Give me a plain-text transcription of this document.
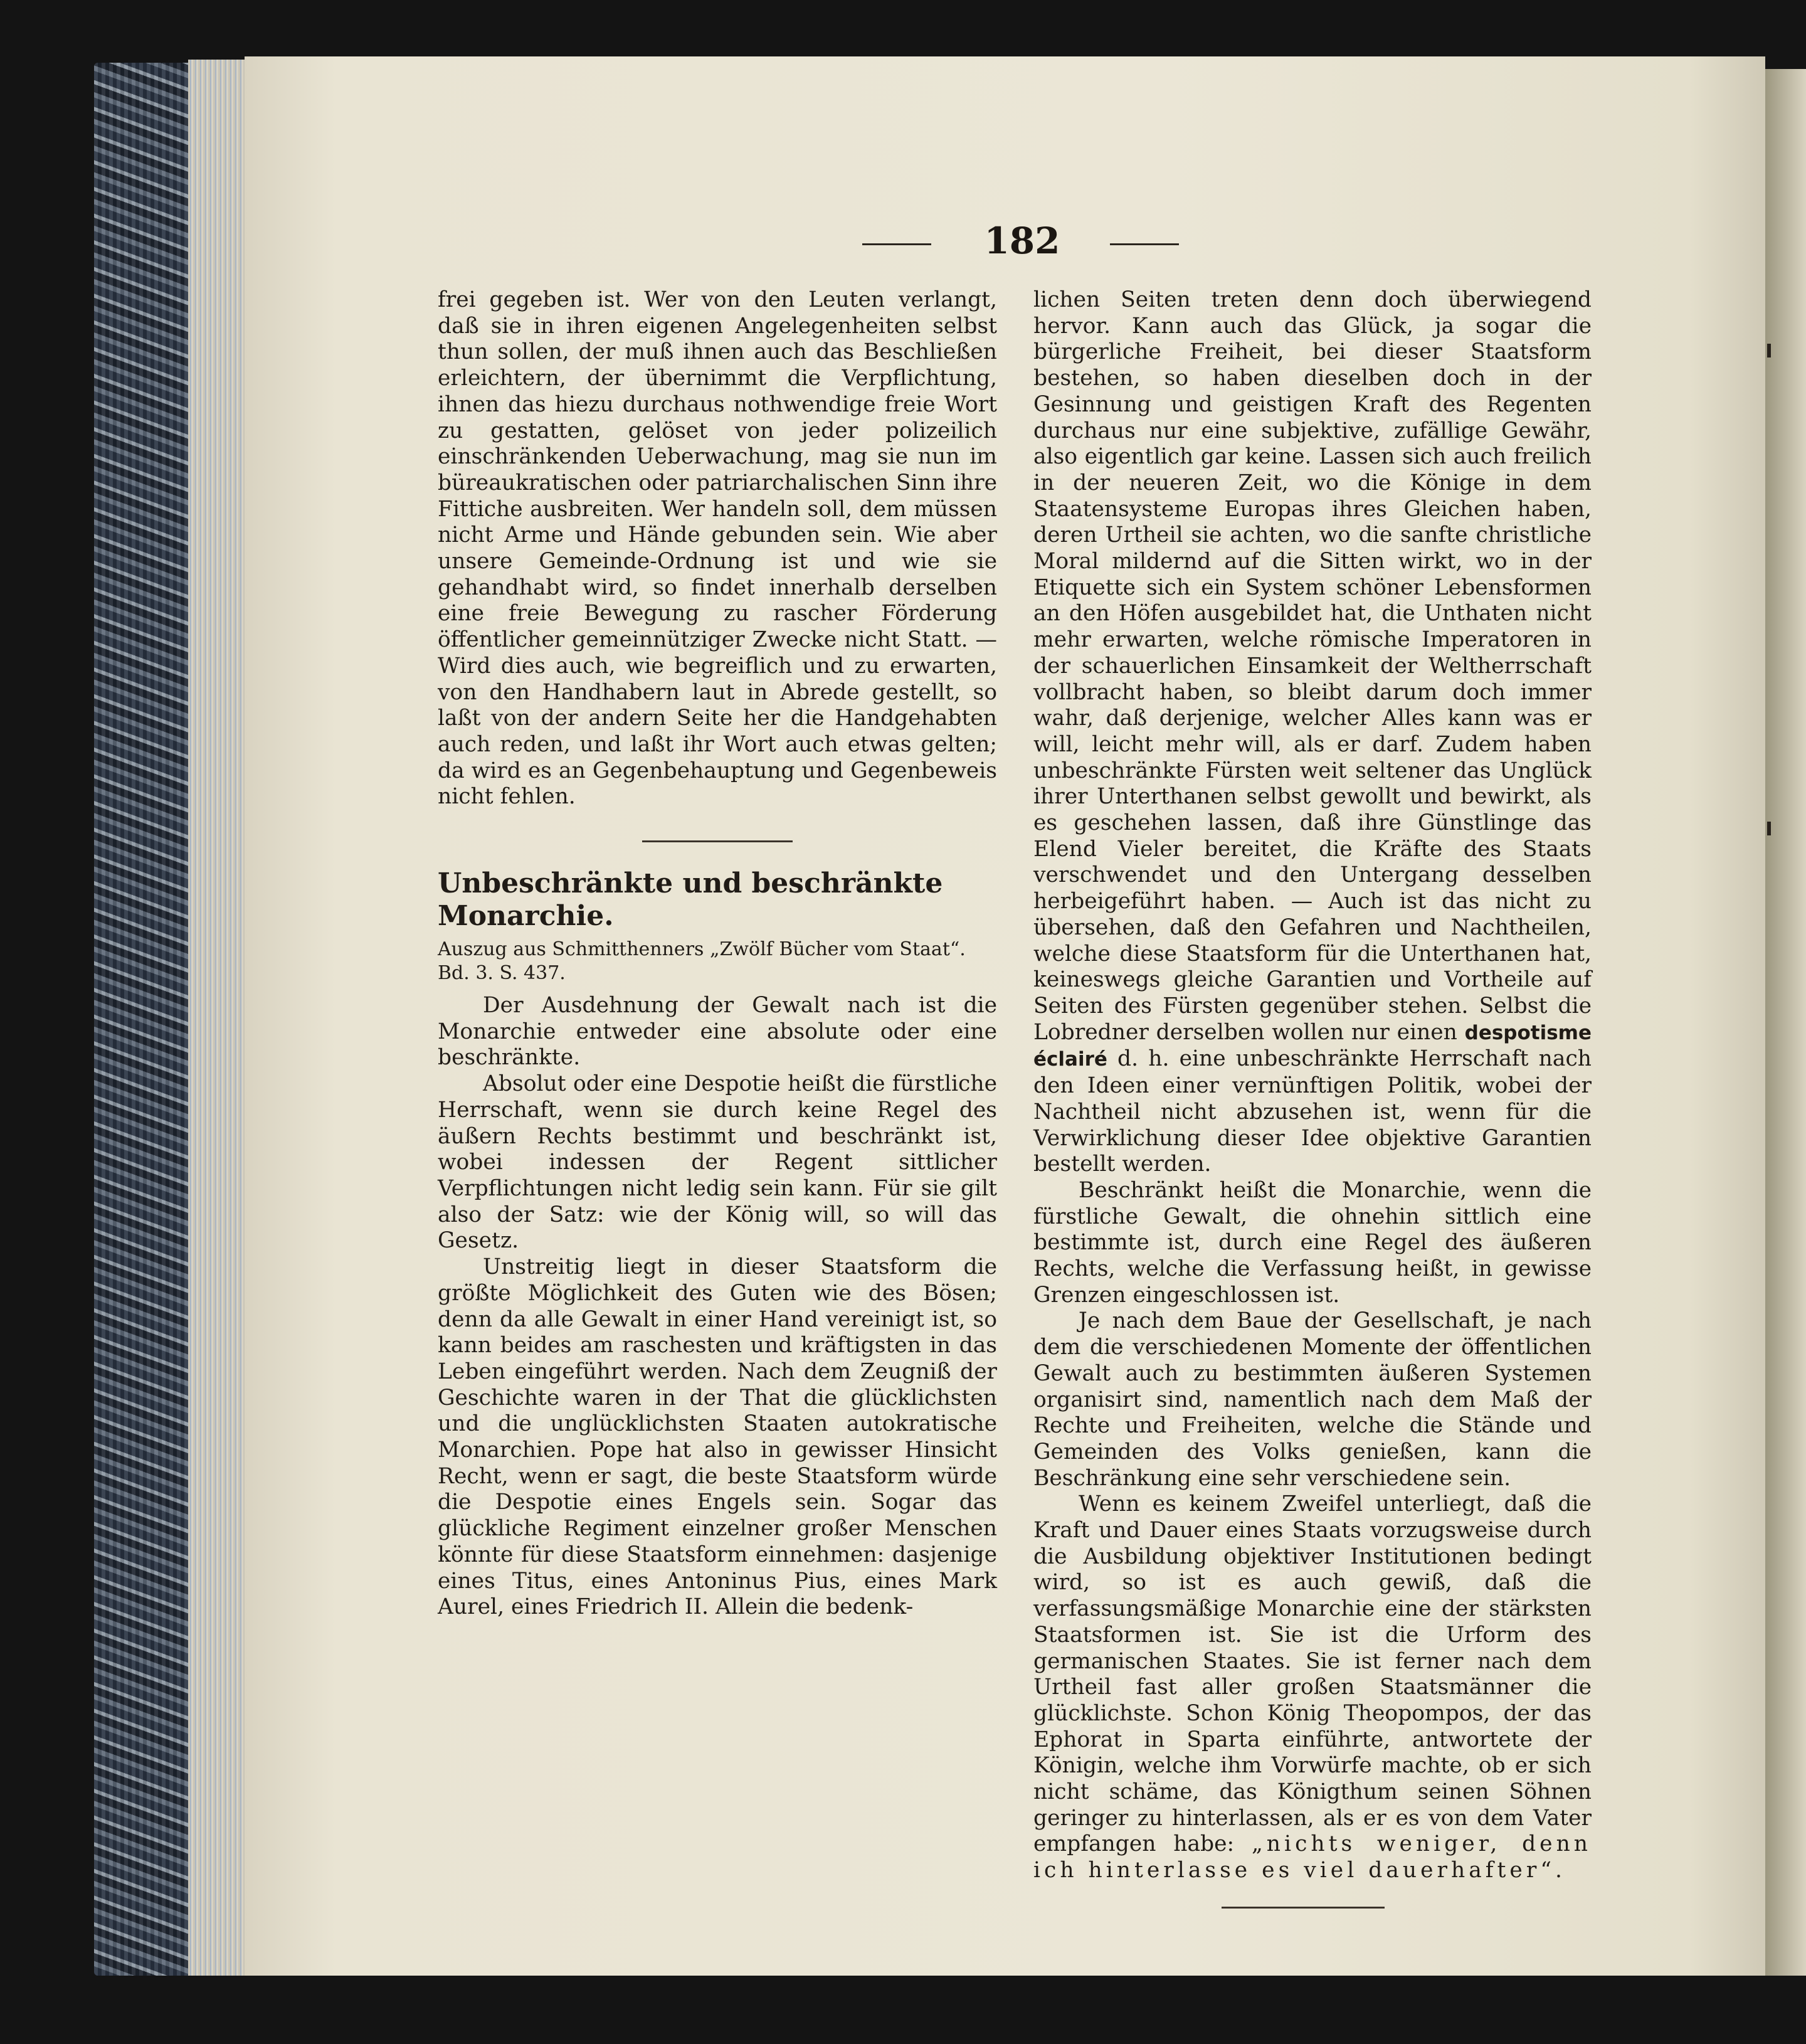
182

frei gegeben ist. Wer von den Leuten verlangt, daß sie in ihren eigenen Angelegenheiten selbst thun sollen, der muß ihnen auch das Beschließen erleichtern, der übernimmt die Verpflichtung, ihnen das hiezu durchaus nothwendige freie Wort zu gestatten, gelöset von jeder polizeilich einschränkenden Ueberwachung, mag sie nun im büreaukratischen oder patriarchalischen Sinn ihre Fittiche ausbreiten. Wer handeln soll, dem müssen nicht Arme und Hände gebunden sein. Wie aber unsere Gemeinde-Ordnung ist und wie sie gehandhabt wird, so findet innerhalb derselben eine freie Bewegung zu rascher Förderung öffentlicher gemeinnütziger Zwecke nicht Statt. — Wird dies auch, wie begreiflich und zu erwarten, von den Handhabern laut in Abrede gestellt, so laßt von der andern Seite her die Handgehabten auch reden, und laßt ihr Wort auch etwas gelten; da wird es an Gegenbehauptung und Gegenbeweis nicht fehlen.

Unbeschränkte und beschränkte

Monarchie.

Auszug aus Schmitthenners „Zwölf Bücher vom Staat“.

Bd. 3. S. 437.

Der Ausdehnung der Gewalt nach ist die Monarchie entweder eine absolute oder eine beschränkte.

Absolut oder eine Despotie heißt die fürstliche Herrschaft, wenn sie durch keine Regel des äußern Rechts bestimmt und beschränkt ist, wobei indessen der Regent sittlicher Verpflichtungen nicht ledig sein kann. Für sie gilt also der Satz: wie der König will, so will das Gesetz.

Unstreitig liegt in dieser Staatsform die größte Möglichkeit des Guten wie des Bösen; denn da alle Gewalt in einer Hand vereinigt ist, so kann beides am raschesten und kräftigsten in das Leben eingeführt werden. Nach dem Zeugniß der Geschichte waren in der That die glücklichsten und die unglücklichsten Staaten autokratische Monarchien. Pope hat also in gewisser Hinsicht Recht, wenn er sagt, die beste Staatsform würde die Despotie eines Engels sein. Sogar das glückliche Regiment einzelner großer Menschen könnte für diese Staatsform einnehmen: dasjenige eines Titus, eines Antoninus Pius, eines Mark Aurel, eines Friedrich II. Allein die bedenk-

lichen Seiten treten denn doch überwiegend hervor. Kann auch das Glück, ja sogar die bürgerliche Freiheit, bei dieser Staatsform bestehen, so haben dieselben doch in der Gesinnung und geistigen Kraft des Regenten durchaus nur eine subjektive, zufällige Gewähr, also eigentlich gar keine. Lassen sich auch freilich in der neueren Zeit, wo die Könige in dem Staatensysteme Europas ihres Gleichen haben, deren Urtheil sie achten, wo die sanfte christliche Moral mildernd auf die Sitten wirkt, wo in der Etiquette sich ein System schöner Lebensformen an den Höfen ausgebildet hat, die Unthaten nicht mehr erwarten, welche römische Imperatoren in der schauerlichen Einsamkeit der Weltherrschaft vollbracht haben, so bleibt darum doch immer wahr, daß derjenige, welcher Alles kann was er will, leicht mehr will, als er darf. Zudem haben unbeschränkte Fürsten weit seltener das Unglück ihrer Unterthanen selbst gewollt und bewirkt, als es geschehen lassen, daß ihre Günstlinge das Elend Vieler bereitet, die Kräfte des Staats verschwendet und den Untergang desselben herbeigeführt haben. — Auch ist das nicht zu übersehen, daß den Gefahren und Nachtheilen, welche diese Staatsform für die Unterthanen hat, keineswegs gleiche Garantien und Vortheile auf Seiten des Fürsten gegenüber stehen. Selbst die Lobredner derselben wollen nur einen despotisme éclairé d. h. eine unbeschränkte Herrschaft nach den Ideen einer vernünftigen Politik, wobei der Nachtheil nicht abzusehen ist, wenn für die Verwirklichung dieser Idee objektive Garantien bestellt werden.

Beschränkt heißt die Monarchie, wenn die fürstliche Gewalt, die ohnehin sittlich eine bestimmte ist, durch eine Regel des äußeren Rechts, welche die Verfassung heißt, in gewisse Grenzen eingeschlossen ist.

Je nach dem Baue der Gesellschaft, je nach dem die verschiedenen Momente der öffentlichen Gewalt auch zu bestimmten äußeren Systemen organisirt sind, namentlich nach dem Maß der Rechte und Freiheiten, welche die Stände und Gemeinden des Volks genießen, kann die Beschränkung eine sehr verschiedene sein.

Wenn es keinem Zweifel unterliegt, daß die Kraft und Dauer eines Staats vorzugsweise durch die Ausbildung objektiver Institutionen bedingt wird, so ist es auch gewiß, daß die verfassungsmäßige Monarchie eine der stärksten Staatsformen ist. Sie ist die Urform des germanischen Staates. Sie ist ferner nach dem Urtheil fast aller großen Staatsmänner die glücklichste. Schon König Theopompos, der das Ephorat in Sparta einführte, antwortete der Königin, welche ihm Vorwürfe machte, ob er sich nicht schäme, das Königthum seinen Söhnen geringer zu hinterlassen, als er es von dem Vater empfangen habe: „nichts weniger, denn ich hinterlasse es viel dauerhafter“.
